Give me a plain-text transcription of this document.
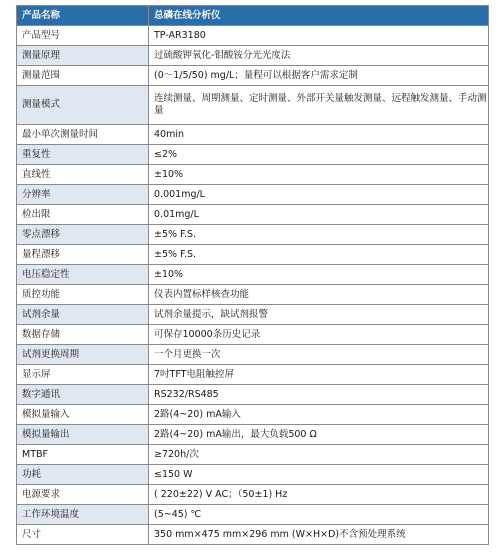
产品名称	总磷在线分析仪
产品型号	TP-AR3180
测量原理	过硫酸钾氧化-钼酸铵分光光度法
测量范围	(0～1/5/50) mg/L；量程可以根据客户需求定制
测量模式	连续测量、周期测量、定时测量、外部开关量触发测量、远程触发测量、手动测量
最小单次测量时间	40min
重复性	≤2%
直线性	±10%
分辨率	0.001mg/L
检出限	0.01mg/L
零点漂移	±5% F.S.
量程漂移	±5% F.S.
电压稳定性	±10%
质控功能	仪表内置标样核查功能
试剂余量	试剂余量提示，缺试剂报警
数据存储	可保存10000条历史记录
试剂更换周期	一个月更换一次
显示屏	7吋TFT电阻触控屏
数字通讯	RS232/RS485
模拟量输入	2路(4~20) mA输入
模拟量输出	2路(4~20) mA输出，最大负载500 Ω
MTBF	≥720h/次
功耗	≤150 W
电源要求	( 220±22) V AC；（50±1) Hz
工作环境温度	(5~45) ℃
尺寸	350 mm×475 mm×296 mm (W×H×D)不含预处理系统
